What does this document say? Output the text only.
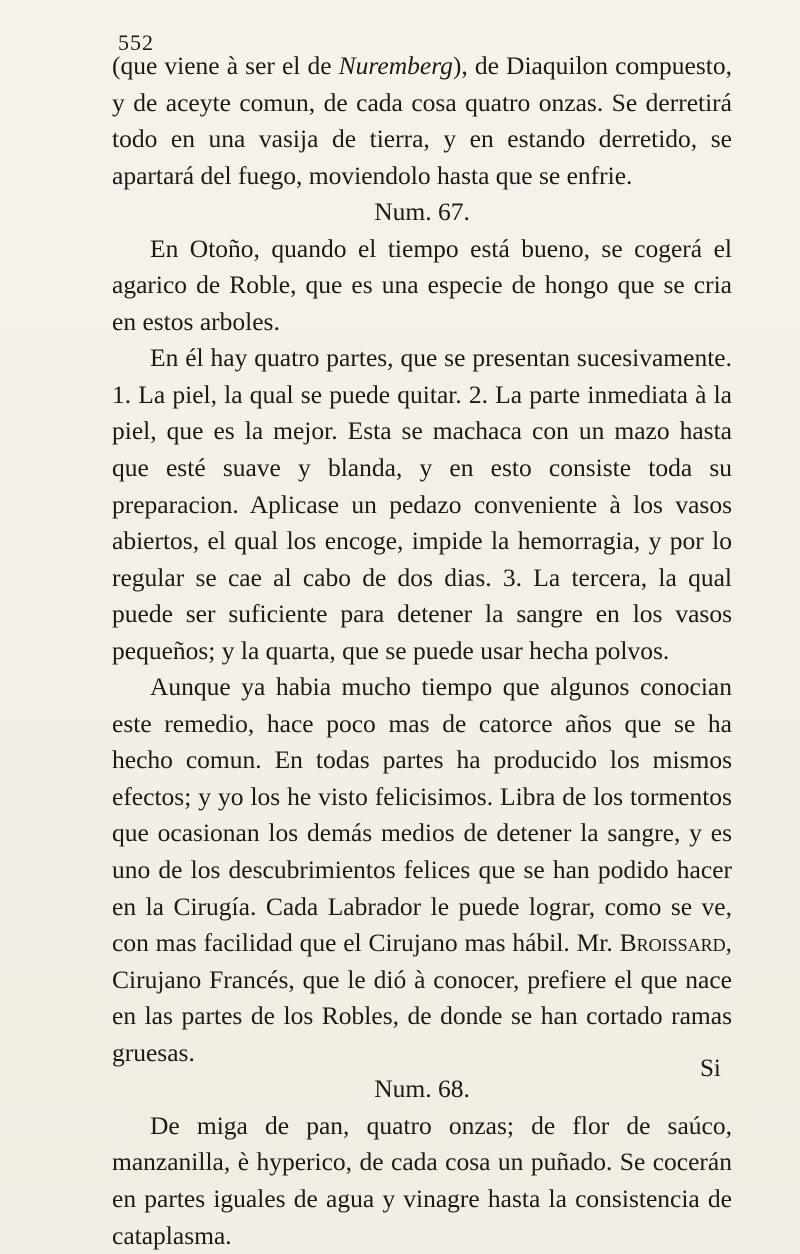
552

(que viene à ser el de Nuremberg), de Diaquilon compuesto, y de aceyte comun, de cada cosa quatro onzas. Se derretirá todo en una vasija de tierra, y en estando derretido, se apartará del fuego, moviendolo hasta que se enfrie.

Num. 67.

En Otoño, quando el tiempo está bueno, se cogerá el agarico de Roble, que es una especie de hongo que se cria en estos arboles.

En él hay quatro partes, que se presentan sucesivamente. 1. La piel, la qual se puede quitar. 2. La parte inmediata à la piel, que es la mejor. Esta se machaca con un mazo hasta que esté suave y blanda, y en esto consiste toda su preparacion. Aplicase un pedazo conveniente à los vasos abiertos, el qual los encoge, impide la hemorragia, y por lo regular se cae al cabo de dos dias. 3. La tercera, la qual puede ser suficiente para detener la sangre en los vasos pequeños; y la quarta, que se puede usar hecha polvos.

Aunque ya habia mucho tiempo que algunos conocian este remedio, hace poco mas de catorce años que se ha hecho comun. En todas partes ha producido los mismos efectos; y yo los he visto felicisimos. Libra de los tormentos que ocasionan los demás medios de detener la sangre, y es uno de los descubrimientos felices que se han podido hacer en la Cirugía. Cada Labrador le puede lograr, como se ve, con mas facilidad que el Cirujano mas hábil. Mr. Broissard, Cirujano Francés, que le dió à conocer, prefiere el que nace en las partes de los Robles, de donde se han cortado ramas gruesas.

Num. 68.

De miga de pan, quatro onzas; de flor de saúco, manzanilla, è hyperico, de cada cosa un puñado. Se cocerán en partes iguales de agua y vinagre hasta la consistencia de cataplasma.

Si
